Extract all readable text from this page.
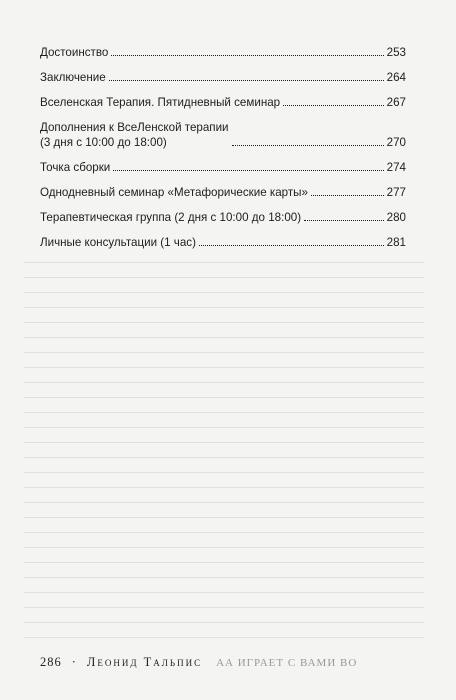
Достоинство	253
Заключение	264
Вселенская Терапия. Пятидневный семинар	267
Дополнения к ВсеЛенской терапии
(3 дня с 10:00 до 18:00)	270
Точка сборки	274
Однодневный семинар «Метафорические карты»	277
Терапевтическая группа (2 дня с 10:00 до 18:00)	280
Личные консультации (1 час)	281
286 · Леонид Тальпис АА ИГРАЕТ С ВАМИ ВО
